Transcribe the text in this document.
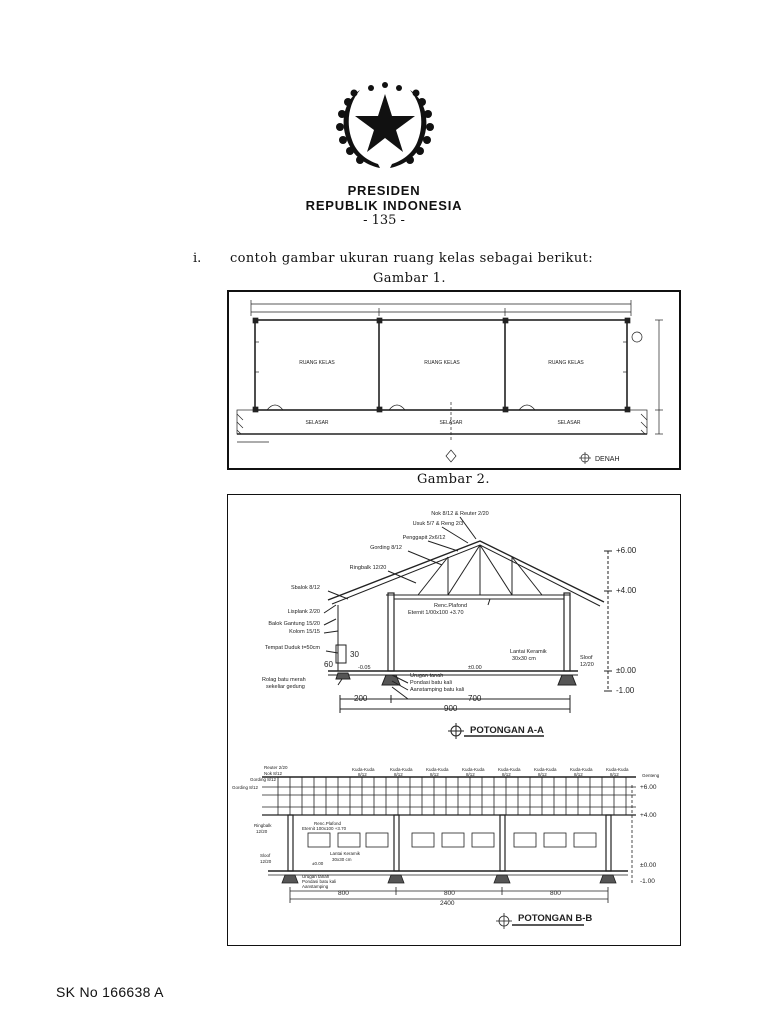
PRESIDEN
REPUBLIK INDONESIA
- 135 -
i. contoh gambar ukuran ruang kelas sebagai berikut:
Gambar 1.
RUANG KELAS	RUANG KELAS	RUANG KELAS
SELASAR	SELASAR	SELASAR
DENAH
Gambar 2.
Nok 8/12 & Reuter 2/20
Usuk 5/7 & Reng 2/3
Penggapit 2x6/12
Gording 8/12
Ringbalk 12/20
Sbalok 8/12
Lisplank 2/20
Balok Gantung 15/20
Kolom 15/15
Tempat Duduk t=50cm
Renc.Plafond
Eternit 1/00x100 +3.70
Lantai Keramik
30x30 cm	Sloof
12/20
Urugan tanah
Pondasi batu kali
Aanstamping batu kali
Rolag batu merah
sekeliar gedung
-0.05	±0.00
30
60
200	700
900
+6.00
+4.00
±0.00
-1.00
POTONGAN A-A
Reuter 2/20
Nok 8/12
Gording 8/12
Gording 8/12
Ringbalk
12/20
Sloof
12/20
Kuda-Kuda	Kuda-Kuda	Kuda-Kuda	Kuda-Kuda	Kuda-Kuda	Kuda-Kuda	Kuda-Kuda	Kuda-Kuda
8/12	8/12	8/12	8/12	8/12	8/12	8/12	8/12	Genteng
Renc.Plafond
Eternit 100x100 +3.70
Lantai Keramik
30x30 cm
±0.00
Urugan tanah
Pondasi batu kali
Aanstamping
800	800	800
2400
+6.00
+4.00
±0.00
-1.00
POTONGAN B-B
SK No 166638 A
